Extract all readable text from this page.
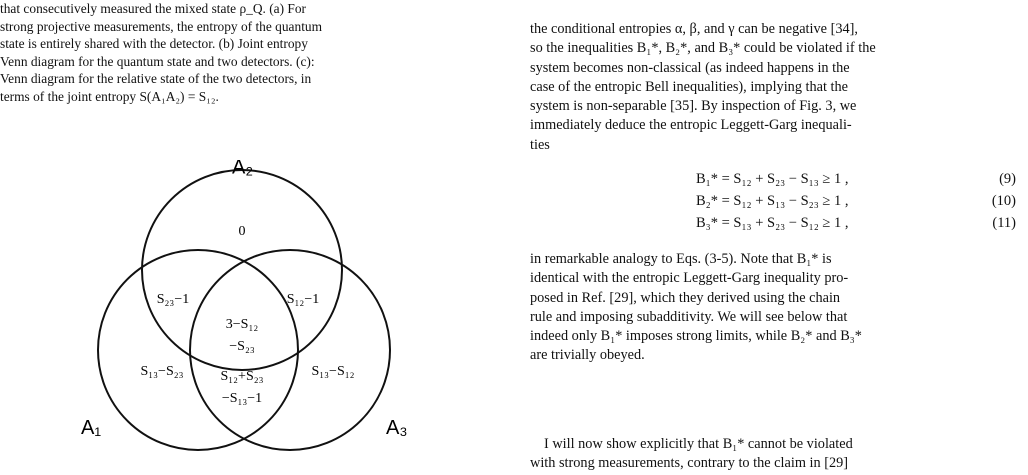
that consecutively measured the mixed state ρ_Q. (a) For
strong projective measurements, the entropy of the quantum
state is entirely shared with the detector. (b) Joint entropy
Venn diagram for the quantum state and two detectors. (c):
Venn diagram for the relative state of the two detectors, in
terms of the joint entropy S(A₁A₂) = S₁₂.
A₂
A₁	A₃
0
S₂₃−1	S₁₂−1
3−S₁₂
−S₂₃
S₁₃−S₂₃	S₁₃−S₁₂
S₁₂+S₂₃
−S₁₃−1
the conditional entropies α, β, and γ can be negative [34],
so the inequalities B₁*, B₂*, and B₃* could be violated if the
system becomes non-classical (as indeed happens in the
case of the entropic Bell inequalities), implying that the
system is non-separable [35]. By inspection of Fig. 3, we
immediately deduce the entropic Leggett-Garg inequali-
ties
B₁* = S₁₂ + S₂₃ − S₁₃ ≥ 1 ,	(9)
B₂* = S₁₂ + S₁₃ − S₂₃ ≥ 1 ,	(10)
B₃* = S₁₃ + S₂₃ − S₁₂ ≥ 1 ,	(11)
in remarkable analogy to Eqs. (3-5). Note that B₁* is
identical with the entropic Leggett-Garg inequality pro-
posed in Ref. [29], which they derived using the chain
rule and imposing subadditivity. We will see below that
indeed only B₁* imposes strong limits, while B₂* and B₃*
are trivially obeyed.
I will now show explicitly that B₁* cannot be violated
with strong measurements, contrary to the claim in [29]
